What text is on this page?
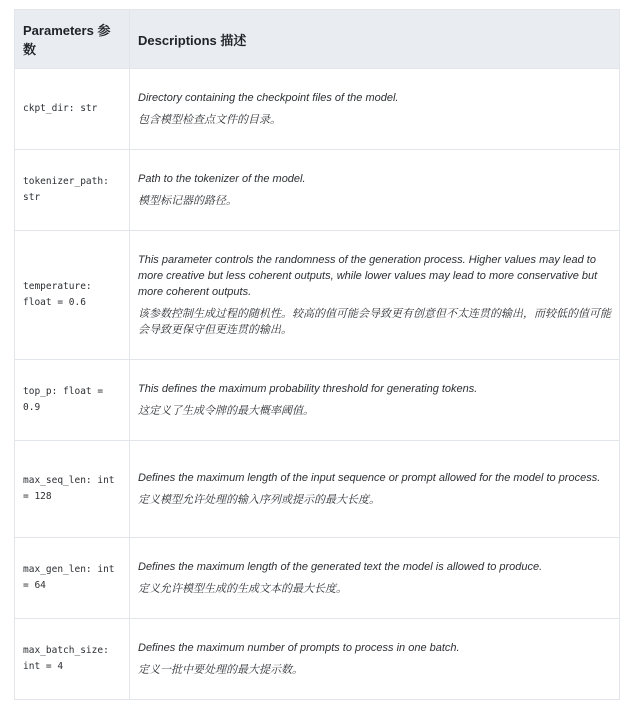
Parameters 参数	Descriptions 描述
ckpt_dir: str	Directory containing the checkpoint files of the model.

包含模型检查点文件的目录。

tokenizer_path: str	Path to the tokenizer of the model.

模型标记器的路径。

temperature: float = 0.6	This parameter controls the randomness of the generation process. Higher values may lead to more creative but less coherent outputs, while lower values may lead to more conservative but more coherent outputs.

该参数控制生成过程的随机性。较高的值可能会导致更有创意但不太连贯的输出，而较低的值可能会导致更保守但更连贯的输出。

top_p: float = 0.9	This defines the maximum probability threshold for generating tokens.

这定义了生成令牌的最大概率阈值。

max_seq_len: int = 128	Defines the maximum length of the input sequence or prompt allowed for the model to process.

定义模型允许处理的输入序列或提示的最大长度。

max_gen_len: int = 64	Defines the maximum length of the generated text the model is allowed to produce.

定义允许模型生成的生成文本的最大长度。

max_batch_size: int = 4	Defines the maximum number of prompts to process in one batch.

定义一批中要处理的最大提示数。
